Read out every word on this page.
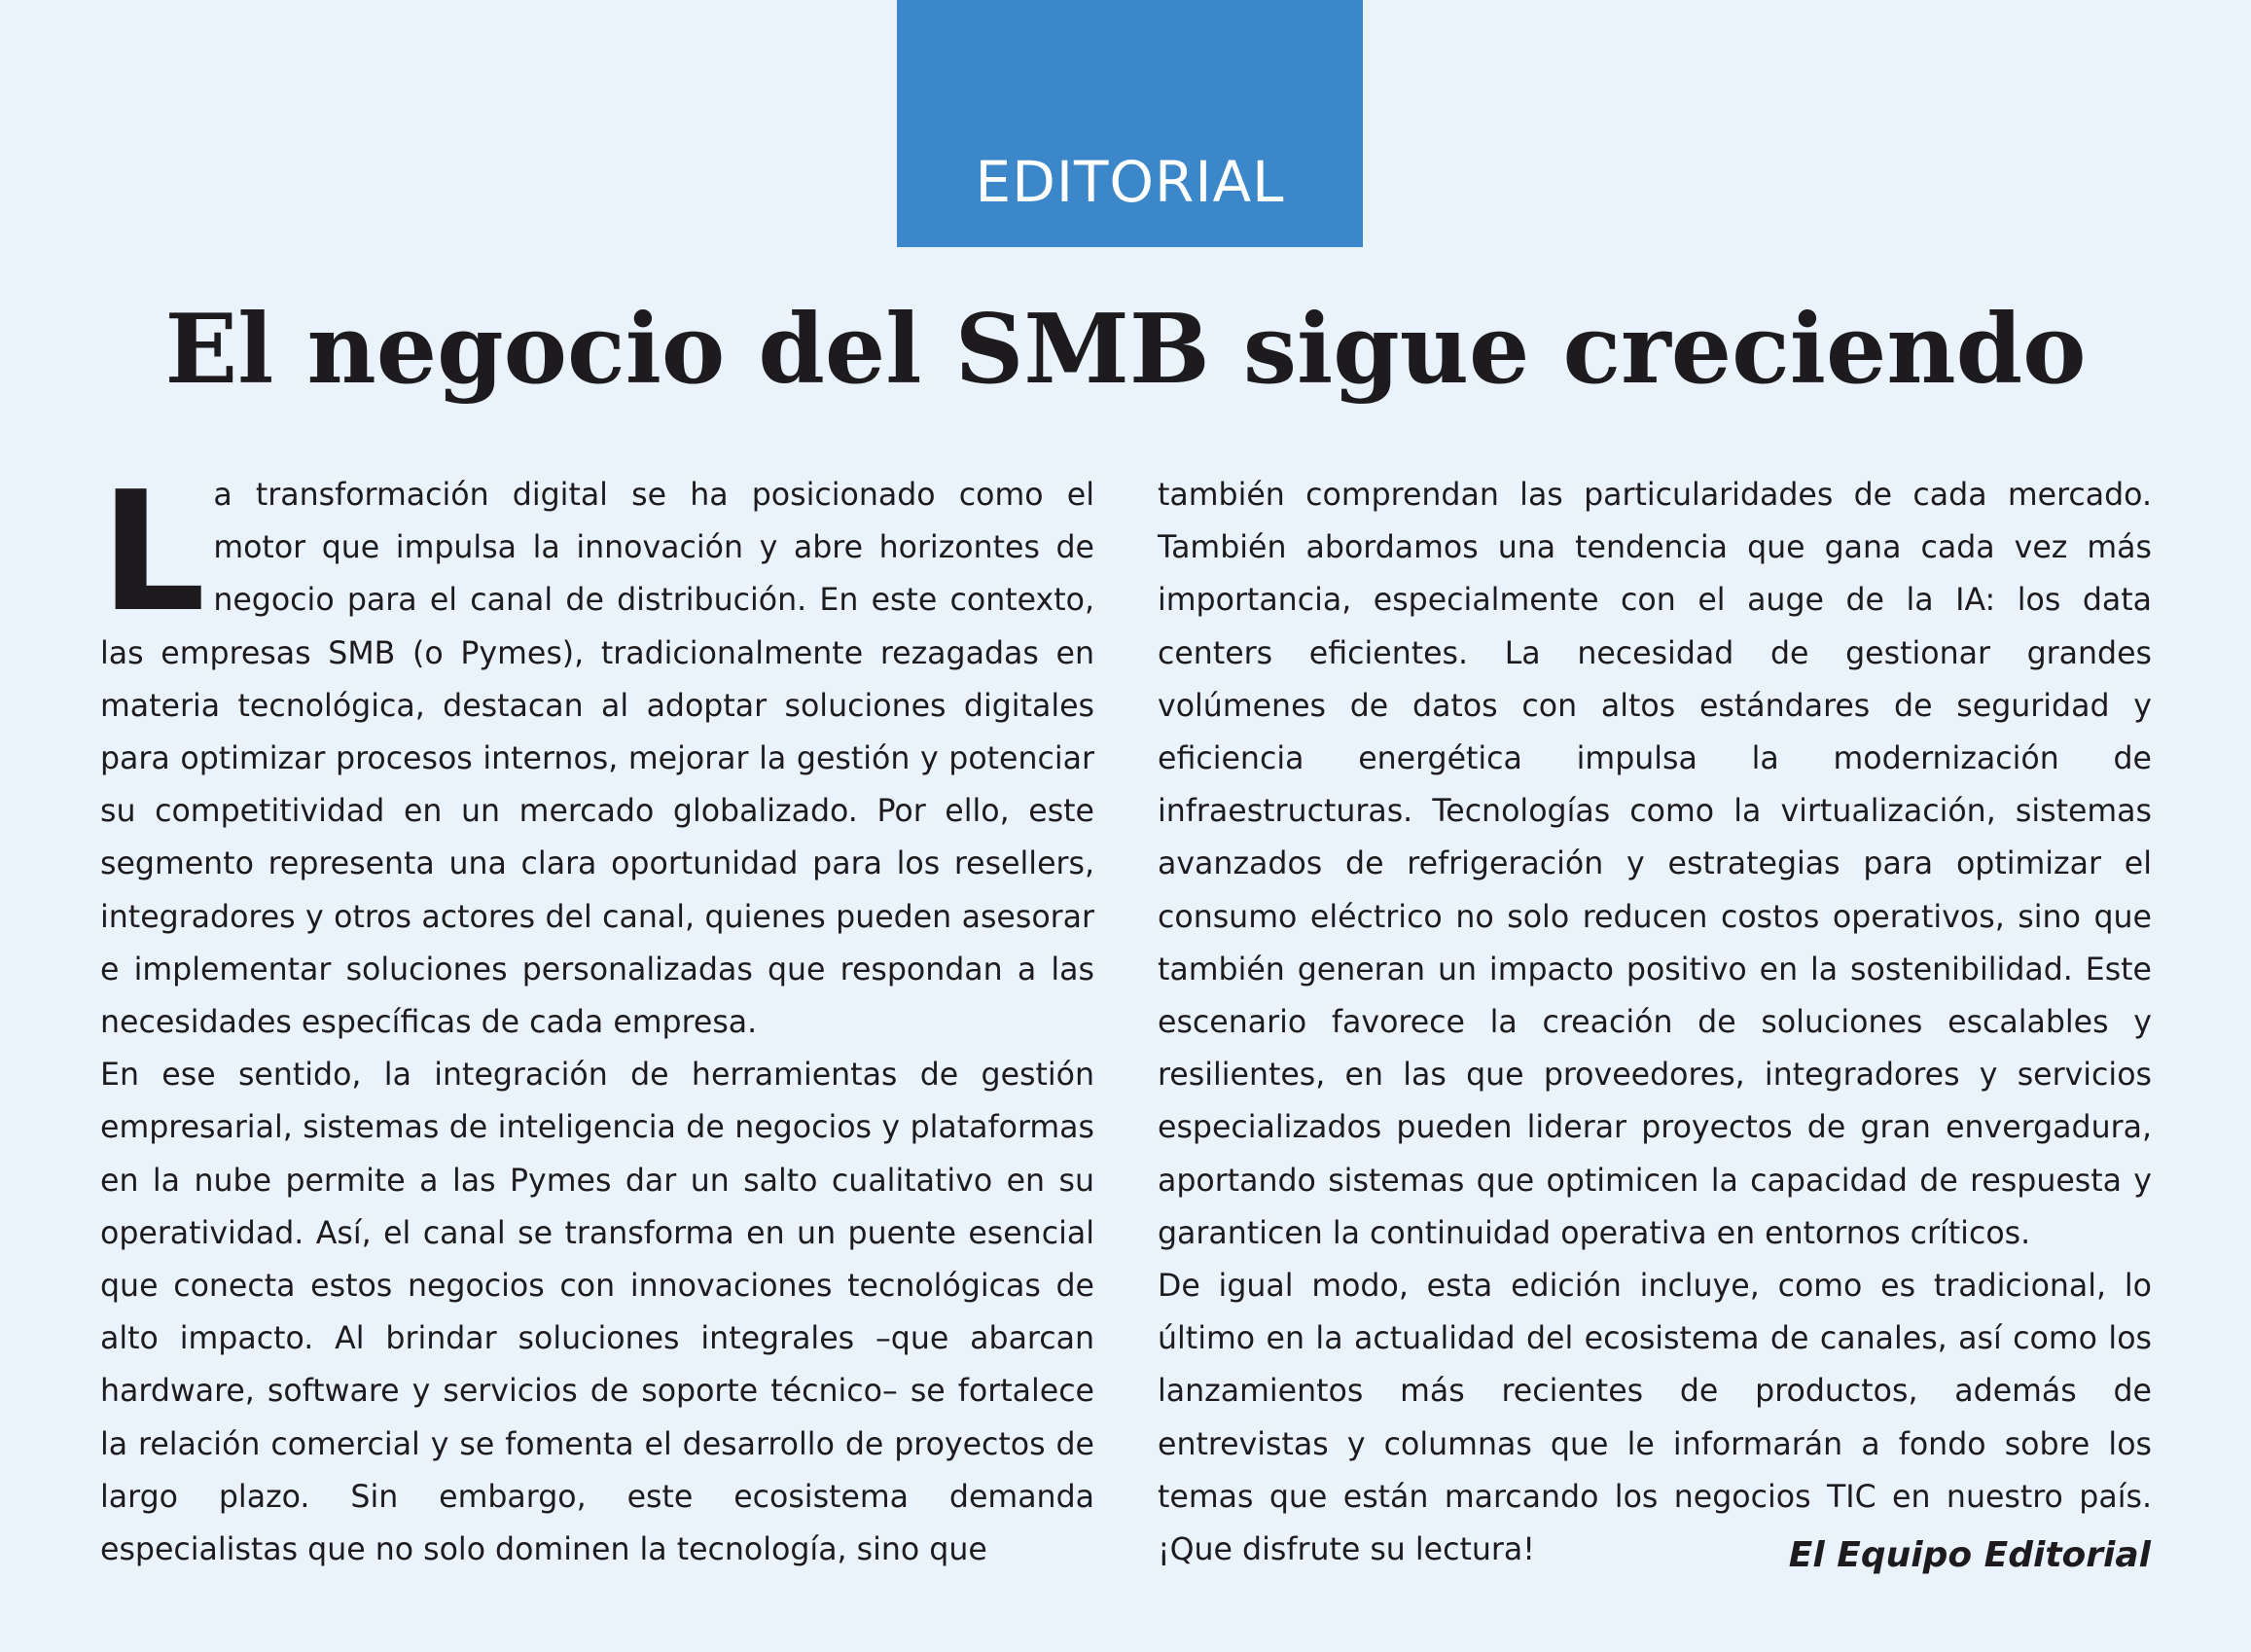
EDITORIAL
El negocio del SMB sigue creciendo

La transformación digital se ha posicionado como el motor que impulsa la innovación y abre horizontes de negocio para el canal de distribución. En este contexto, las empresas SMB (o Pymes), tradicionalmente rezagadas en materia tecnológica, destacan al adoptar soluciones digitales para optimizar procesos internos, mejorar la gestión y potenciar su competitividad en un mercado globalizado. Por ello, este segmento representa una clara oportunidad para los resellers, integradores y otros actores del canal, quienes pueden asesorar e implementar soluciones personalizadas que respondan a las necesidades específicas de cada empresa.

En ese sentido, la integración de herramientas de gestión empresarial, sistemas de inteligencia de negocios y plataformas en la nube permite a las Pymes dar un salto cualitativo en su operatividad. Así, el canal se transforma en un puente esencial que conecta estos negocios con innovaciones tecnológicas de alto impacto. Al brindar soluciones integrales –que abarcan hardware, software y servicios de soporte técnico– se fortalece la relación comercial y se fomenta el desarrollo de proyectos de largo plazo. Sin embargo, este ecosistema demanda especialistas que no solo dominen la tecnología, sino que

también comprendan las particularidades de cada mercado. También abordamos una tendencia que gana cada vez más importancia, especialmente con el auge de la IA: los data centers eficientes. La necesidad de gestionar grandes volúmenes de datos con altos estándares de seguridad y eficiencia energética impulsa la modernización de infraestructuras. Tecnologías como la virtualización, sistemas avanzados de refrigeración y estrategias para optimizar el consumo eléctrico no solo reducen costos operativos, sino que también generan un impacto positivo en la sostenibilidad. Este escenario favorece la creación de soluciones escalables y resilientes, en las que proveedores, integradores y servicios especializados pueden liderar proyectos de gran envergadura, aportando sistemas que optimicen la capacidad de respuesta y garanticen la continuidad operativa en entornos críticos.

De igual modo, esta edición incluye, como es tradicional, lo último en la actualidad del ecosistema de canales, así como los lanzamientos más recientes de productos, además de entrevistas y columnas que le informarán a fondo sobre los temas que están marcando los negocios TIC en nuestro país. ¡Que disfrute su lectura!	El Equipo Editorial
